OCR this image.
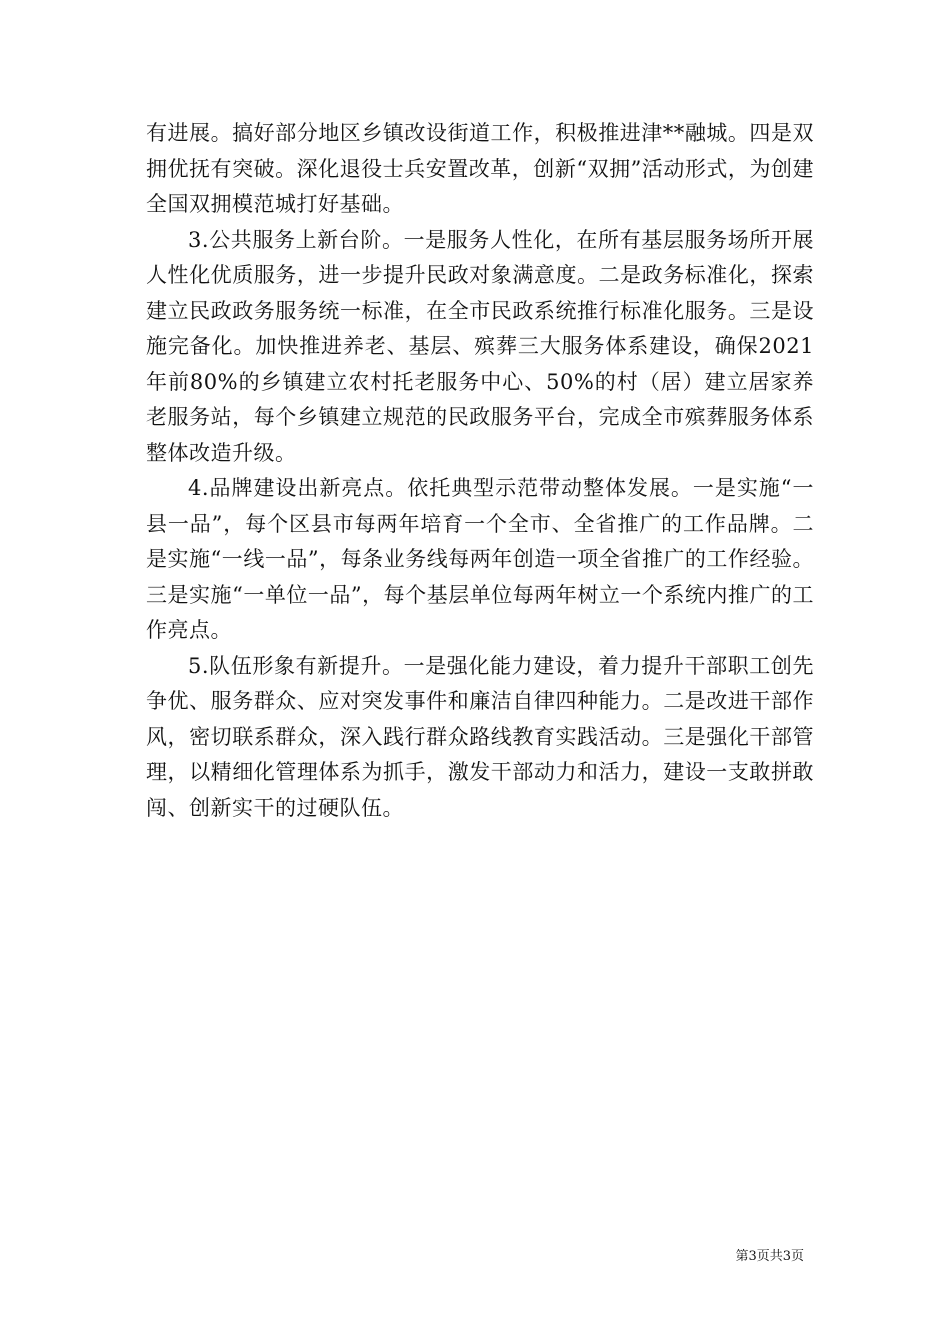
有进展。搞好部分地区乡镇改设街道工作，积极推进津**融城。四是双拥优抚有突破。深化退役士兵安置改革，创新“双拥”活动形式，为创建全国双拥模范城打好基础。

3.公共服务上新台阶。一是服务人性化，在所有基层服务场所开展人性化优质服务，进一步提升民政对象满意度。二是政务标准化，探索建立民政政务服务统一标准，在全市民政系统推行标准化服务。三是设施完备化。加快推进养老、基层、殡葬三大服务体系建设，确保2021年前80%的乡镇建立农村托老服务中心、50%的村（居）建立居家养老服务站，每个乡镇建立规范的民政服务平台，完成全市殡葬服务体系整体改造升级。

4.品牌建设出新亮点。依托典型示范带动整体发展。一是实施“一县一品”，每个区县市每两年培育一个全市、全省推广的工作品牌。二是实施“一线一品”，每条业务线每两年创造一项全省推广的工作经验。三是实施“一单位一品”，每个基层单位每两年树立一个系统内推广的工作亮点。

5.队伍形象有新提升。一是强化能力建设，着力提升干部职工创先争优、服务群众、应对突发事件和廉洁自律四种能力。二是改进干部作风，密切联系群众，深入践行群众路线教育实践活动。三是强化干部管理，以精细化管理体系为抓手，激发干部动力和活力，建设一支敢拼敢闯、创新实干的过硬队伍。

第3页共3页
